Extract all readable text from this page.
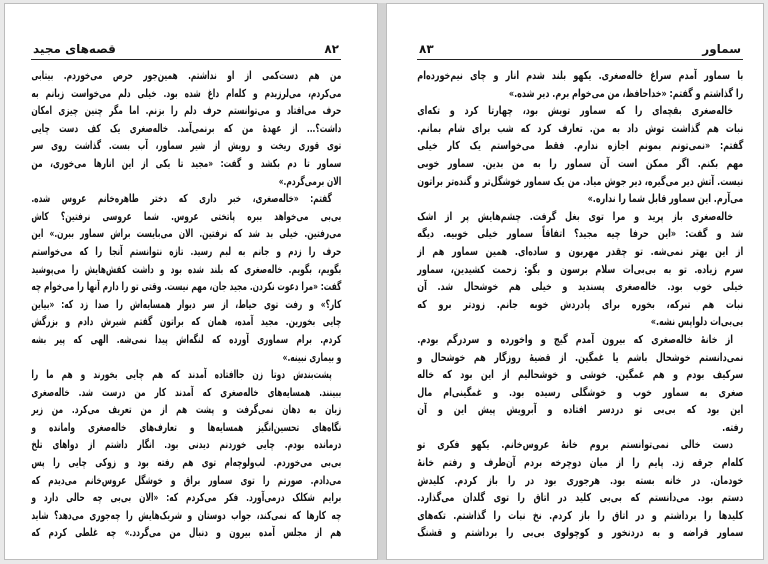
قصه‌های مجید	۸۲
من هم دست‌کمی از او نداشتم. همین‌جور حرص می‌خوردم. بیتابی
می‌کردم، می‌لرزیدم و کله‌ام داغ شده بود. خیلی دلم می‌خواست زبانم به
حرف می‌افتاد و می‌توانستم حرف دلم را بزنم. اما مگر چنین چیزی امکان
داشت؟... از عهدهٔ من که برنمی‌آمد. خاله‌صغری یک کف دست چایی
توی قوری ریخت و رویش از شیر سماور، آب بست. گذاشت روی سر
سماور تا دم بکشد و گفت: «مجید تا یکی از این انارها می‌خوری، من
الان برمی‌گردم.»
گفتم: «خاله‌صغری، خبر داری که دختر طاهره‌خانم عروس شده.
بی‌بی می‌خواهد ببره پاتختی عروس. شما عروسی نرفتین؟ کاش
می‌رفتین. خیلی بد شد که نرفتین. الان می‌بایست براش سماور ببرن.» این
حرف را زدم و جانم به لبم رسید. تازه نتوانستم آنجا را که می‌خواستم
بگویم، بگویم. خاله‌صغری که بلند شده بود و داشت کفش‌هایش را می‌پوشید
گفت: «مرا دعوت نکردن. مجید جان، مهم نیست. وقتی تو را دارم آنها را می‌خوام چه
کار؟» و رفت توی حیاط، از سر دیوار همسایه‌اش را صدا زد که: «بیاین
چایی بخورین. مجید آمده، همان که براتون گفتم شیرش دادم و بزرگش
کردم. برام سماوری آورده که لنگه‌اش پیدا نمی‌شه. الهی که پیر بشه
و بیماری نبینه.»
پشت‌بندش دوتا زن جاافتاده آمدند که هم چایی بخورند و هم ما را
ببینند. همسایه‌های خاله‌صغری که آمدند کار من درست شد. خاله‌صغری
زبان به دهان نمی‌گرفت و پشت هم از من تعریف می‌کرد. من زیر
نگاه‌های تحسین‌انگیز همسایه‌ها و تعارف‌های خاله‌صغری وامانده و
درمانده بودم. چایی خوردنم دیدنی بود. انگار داشتم از دواهای تلخ
بی‌بی می‌خوردم. لب‌ولوچه‌ام توی هم رفته بود و زوکی چایی را پس
می‌دادم. صورتم را توی سماور براق و خوشگل عروس‌خانم می‌دیدم که
برایم شکلک درمی‌آورد. فکر می‌کردم که: «الان بی‌بی چه حالی دارد و
چه کارها که نمی‌کند، جواب دوستان و شریک‌هایش را چه‌جوری می‌دهد؟ شاید
هم از مجلس آمده بیرون و دنبال من می‌گردد.» چه غلطی کردم که
۸۳	سماور
با سماور آمدم سراغ خاله‌صغری. یکهو بلند شدم انار و چای نیم‌خورده‌ام
را گذاشتم و گفتم: «خداحافظ، من می‌خوام برم. دیر شده.»
خاله‌صغری بقچه‌ای را که سماور تویش بود، چهارتا کرد و تکه‌ای
نبات هم گذاشت توش داد به من. تعارف کرد که شب برای شام بمانم.
گفتم: «نمی‌تونم بمونم اجازه ندارم. فقط می‌خواستم یک کار خیلی
مهم بکنم. اگر ممکن است آن سماور را به من بدین. سماور خوبی
نیست. آتش دیر می‌گیره، دیر جوش میاد. من یک سماور خوشگل‌تر و گنده‌تر براتون
می‌آرم. این سماور قابل شما را نداره.»
خاله‌صغری باز پرید و مرا توی بغل گرفت. چشم‌هایش پر از اشک
شد و گفت: «این حرفا چیه مجید؟ اتفاقاً سماور خیلی خوبیه. دیگه
از این بهتر نمی‌شه. تو چقدر مهربون و ساده‌ای. همین سماور هم از
سرم زیاده. تو به بی‌بی‌ات سلام برسون و بگو: زحمت کشیدین، سماور
خیلی خوب بود. خاله‌صغری پسندید و خیلی هم خوشحال شد. آن
نبات هم تبرکه، بخوره برای پادردش خوبه جانم. زودتر برو که
بی‌بی‌ات دلواپس نشه.»
از خانهٔ خاله‌صغری که بیرون آمدم گیج و واخورده و سردرگم بودم.
نمی‌دانستم خوشحال باشم یا غمگین. از قضیهٔ روزگار هم خوشحال و
سرکیف بودم و هم غمگین. خوشی و خوشحالیم از این بود که خاله
صغری به سماور خوب و خوشگلی رسیده بود. و غمگینی‌ام مال
این بود که بی‌بی تو دردسر افتاده و آبرویش پیش این و آن
رفته.
دست خالی نمی‌توانستم بروم خانهٔ عروس‌خانم. یکهو فکری تو
کله‌ام جرقه زد. پایم را از میان دوچرخه بردم آن‌طرف و رفتم خانهٔ
خودمان. در خانه بسته بود. هرجوری بود در را باز کردم. کلیدش
دستم بود. می‌دانستم که بی‌بی کلید در اتاق را توی گلدان می‌گذارد.
کلیدها را برداشتم و در اتاق را باز کردم. نخ نبات را گذاشتم. تکه‌های
سماور قراضه و به دردنخور و کوچولوی بی‌بی را برداشتم و قشنگ
